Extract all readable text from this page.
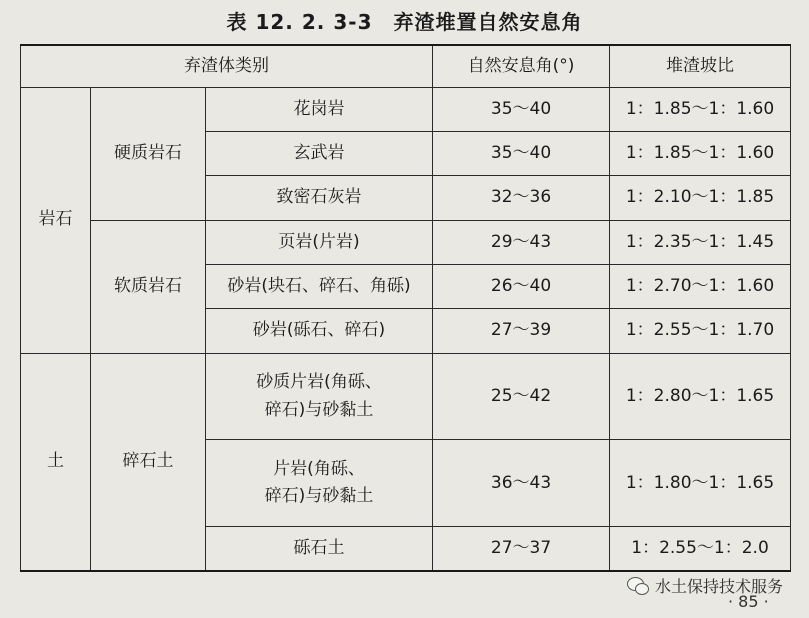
表 12. 2. 3-3　弃渣堆置自然安息角
弃渣体类别			自然安息角(°)	堆渣坡比
岩石	硬质岩石	花岗岩	35～40	1：1.85～1：1.60
		玄武岩	35～40	1：1.85～1：1.60
		致密石灰岩	32～36	1：2.10～1：1.85
	软质岩石	页岩(片岩)	29～43	1：2.35～1：1.45
		砂岩(块石、碎石、角砾)	26～40	1：2.70～1：1.60
		砂岩(砾石、碎石)	27～39	1：2.55～1：1.70
土	碎石土	砂质片岩(角砾、
碎石)与砂黏土	25～42	1：2.80～1：1.65

		片岩(角砾、
碎石)与砂黏土	36～43	1：1.80～1：1.65
		砾石土	27～37	1：2.55～1：2.0
水土保持技术服务
· 85 ·
